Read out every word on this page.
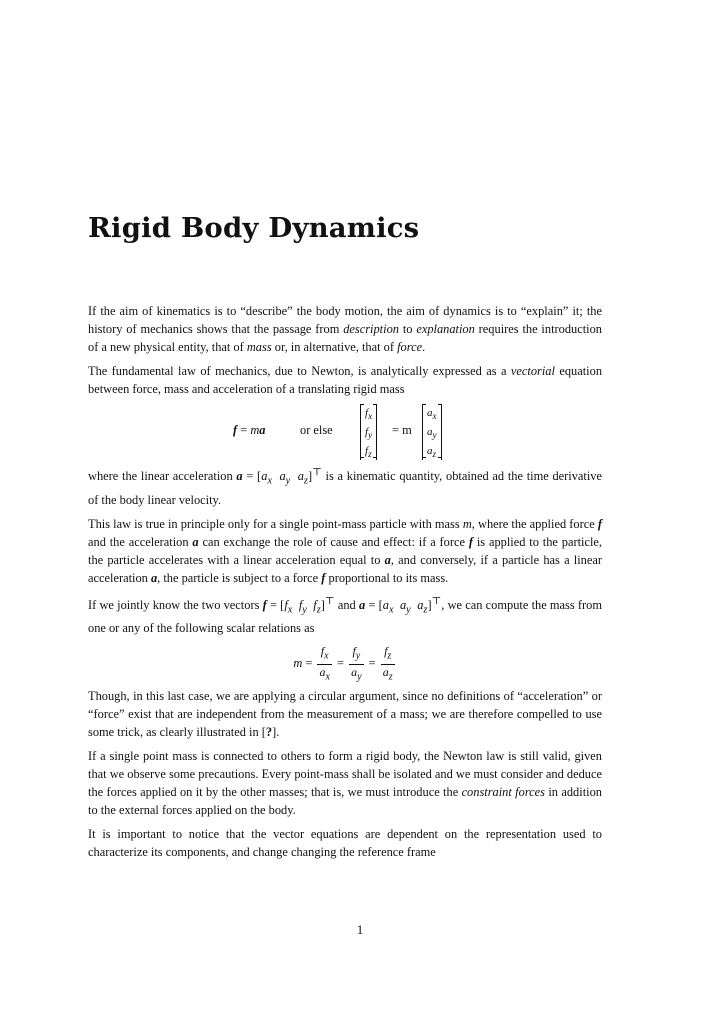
Rigid Body Dynamics

If the aim of kinematics is to “describe” the body motion, the aim of dynamics is to “explain” it; the history of mechanics shows that the passage from description to explanation requires the introduction of a new physical entity, that of mass or, in alternative, that of force.

The fundamental law of mechanics, due to Newton, is analytically expressed as a vectorial equation between force, mass and acceleration of a translating rigid mass

f = ma	or else
$f_x$
$f_y$
$f_z$
= m
$a_x$
$a_y$
$a_z$

where the linear acceleration $a = [a_x$ $a_y$ $a_z]^⊤$ is a kinematic quantity, obtained ad the time derivative of the body linear velocity.

This law is true in principle only for a single point-mass particle with mass m, where the applied force f and the acceleration a can exchange the role of cause and effect: if a force f is applied to the particle, the particle accelerates with a linear acceleration equal to a, and conversely, if a particle has a linear acceleration a, the particle is subject to a force f proportional to its mass.

If we jointly know the two vectors $f = [f_x$ $f_y$ $f_z]^⊤$ and $a = [a_x$ $a_y$ $a_z]^⊤$, we can compute the mass from one or any of the following scalar relations as

$m = \frac{f_x}{a_x} = \frac{f_y}{a_y} = \frac{f_z}{a_z}$

Though, in this last case, we are applying a circular argument, since no definitions of “acceleration” or “force” exist that are independent from the measurement of a mass; we are therefore compelled to use some trick, as clearly illustrated in [?].

If a single point mass is connected to others to form a rigid body, the Newton law is still valid, given that we observe some precautions. Every point-mass shall be isolated and we must consider and deduce the forces applied on it by the other masses; that is, we must introduce the constraint forces in addition to the external forces applied on the body.

It is important to notice that the vector equations are dependent on the representation used to characterize its components, and change changing the reference frame

1
